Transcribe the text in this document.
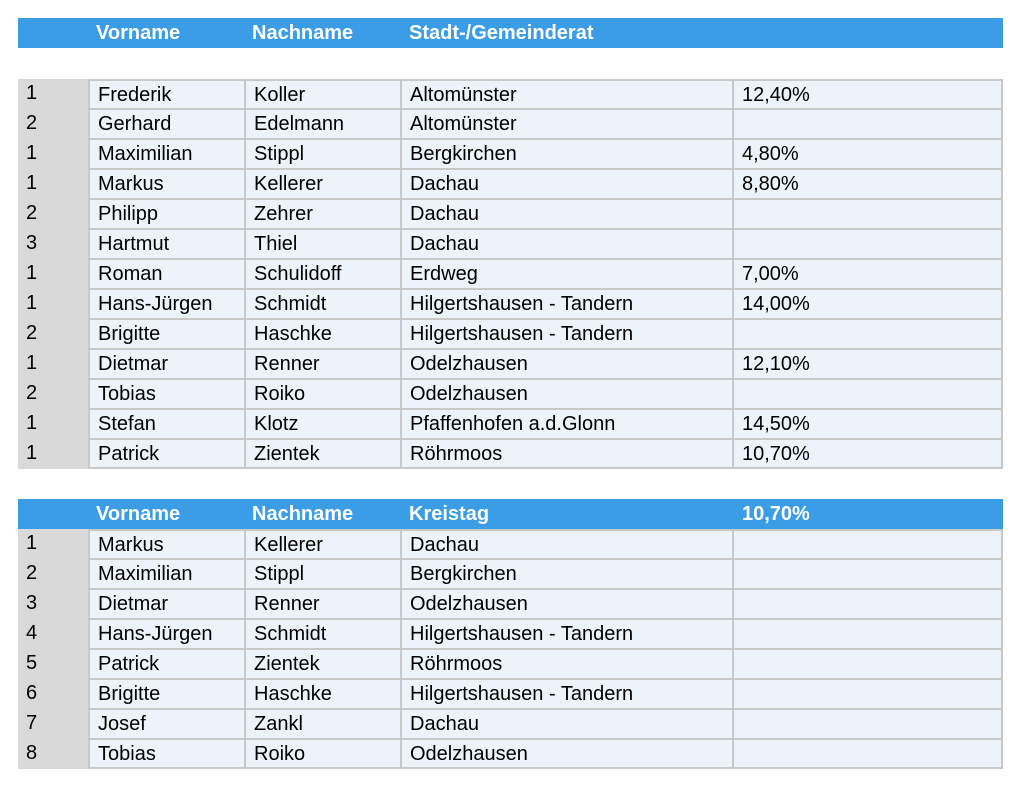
Vorname	Nachname	Stadt-/Gemeinderat
1	Frederik	Koller	Altomünster	12,40%
2	Gerhard	Edelmann	Altomünster
1	Maximilian	Stippl	Bergkirchen	4,80%
1	Markus	Kellerer	Dachau	8,80%
2	Philipp	Zehrer	Dachau
3	Hartmut	Thiel	Dachau
1	Roman	Schulidoff	Erdweg	7,00%
1	Hans-Jürgen	Schmidt	Hilgertshausen - Tandern	14,00%
2	Brigitte	Haschke	Hilgertshausen - Tandern
1	Dietmar	Renner	Odelzhausen	12,10%
2	Tobias	Roiko	Odelzhausen
1	Stefan	Klotz	Pfaffenhofen a.d.Glonn	14,50%
1	Patrick	Zientek	Röhrmoos	10,70%
Vorname	Nachname	Kreistag	10,70%
1	Markus	Kellerer	Dachau
2	Maximilian	Stippl	Bergkirchen
3	Dietmar	Renner	Odelzhausen
4	Hans-Jürgen	Schmidt	Hilgertshausen - Tandern
5	Patrick	Zientek	Röhrmoos
6	Brigitte	Haschke	Hilgertshausen - Tandern
7	Josef	Zankl	Dachau
8	Tobias	Roiko	Odelzhausen
